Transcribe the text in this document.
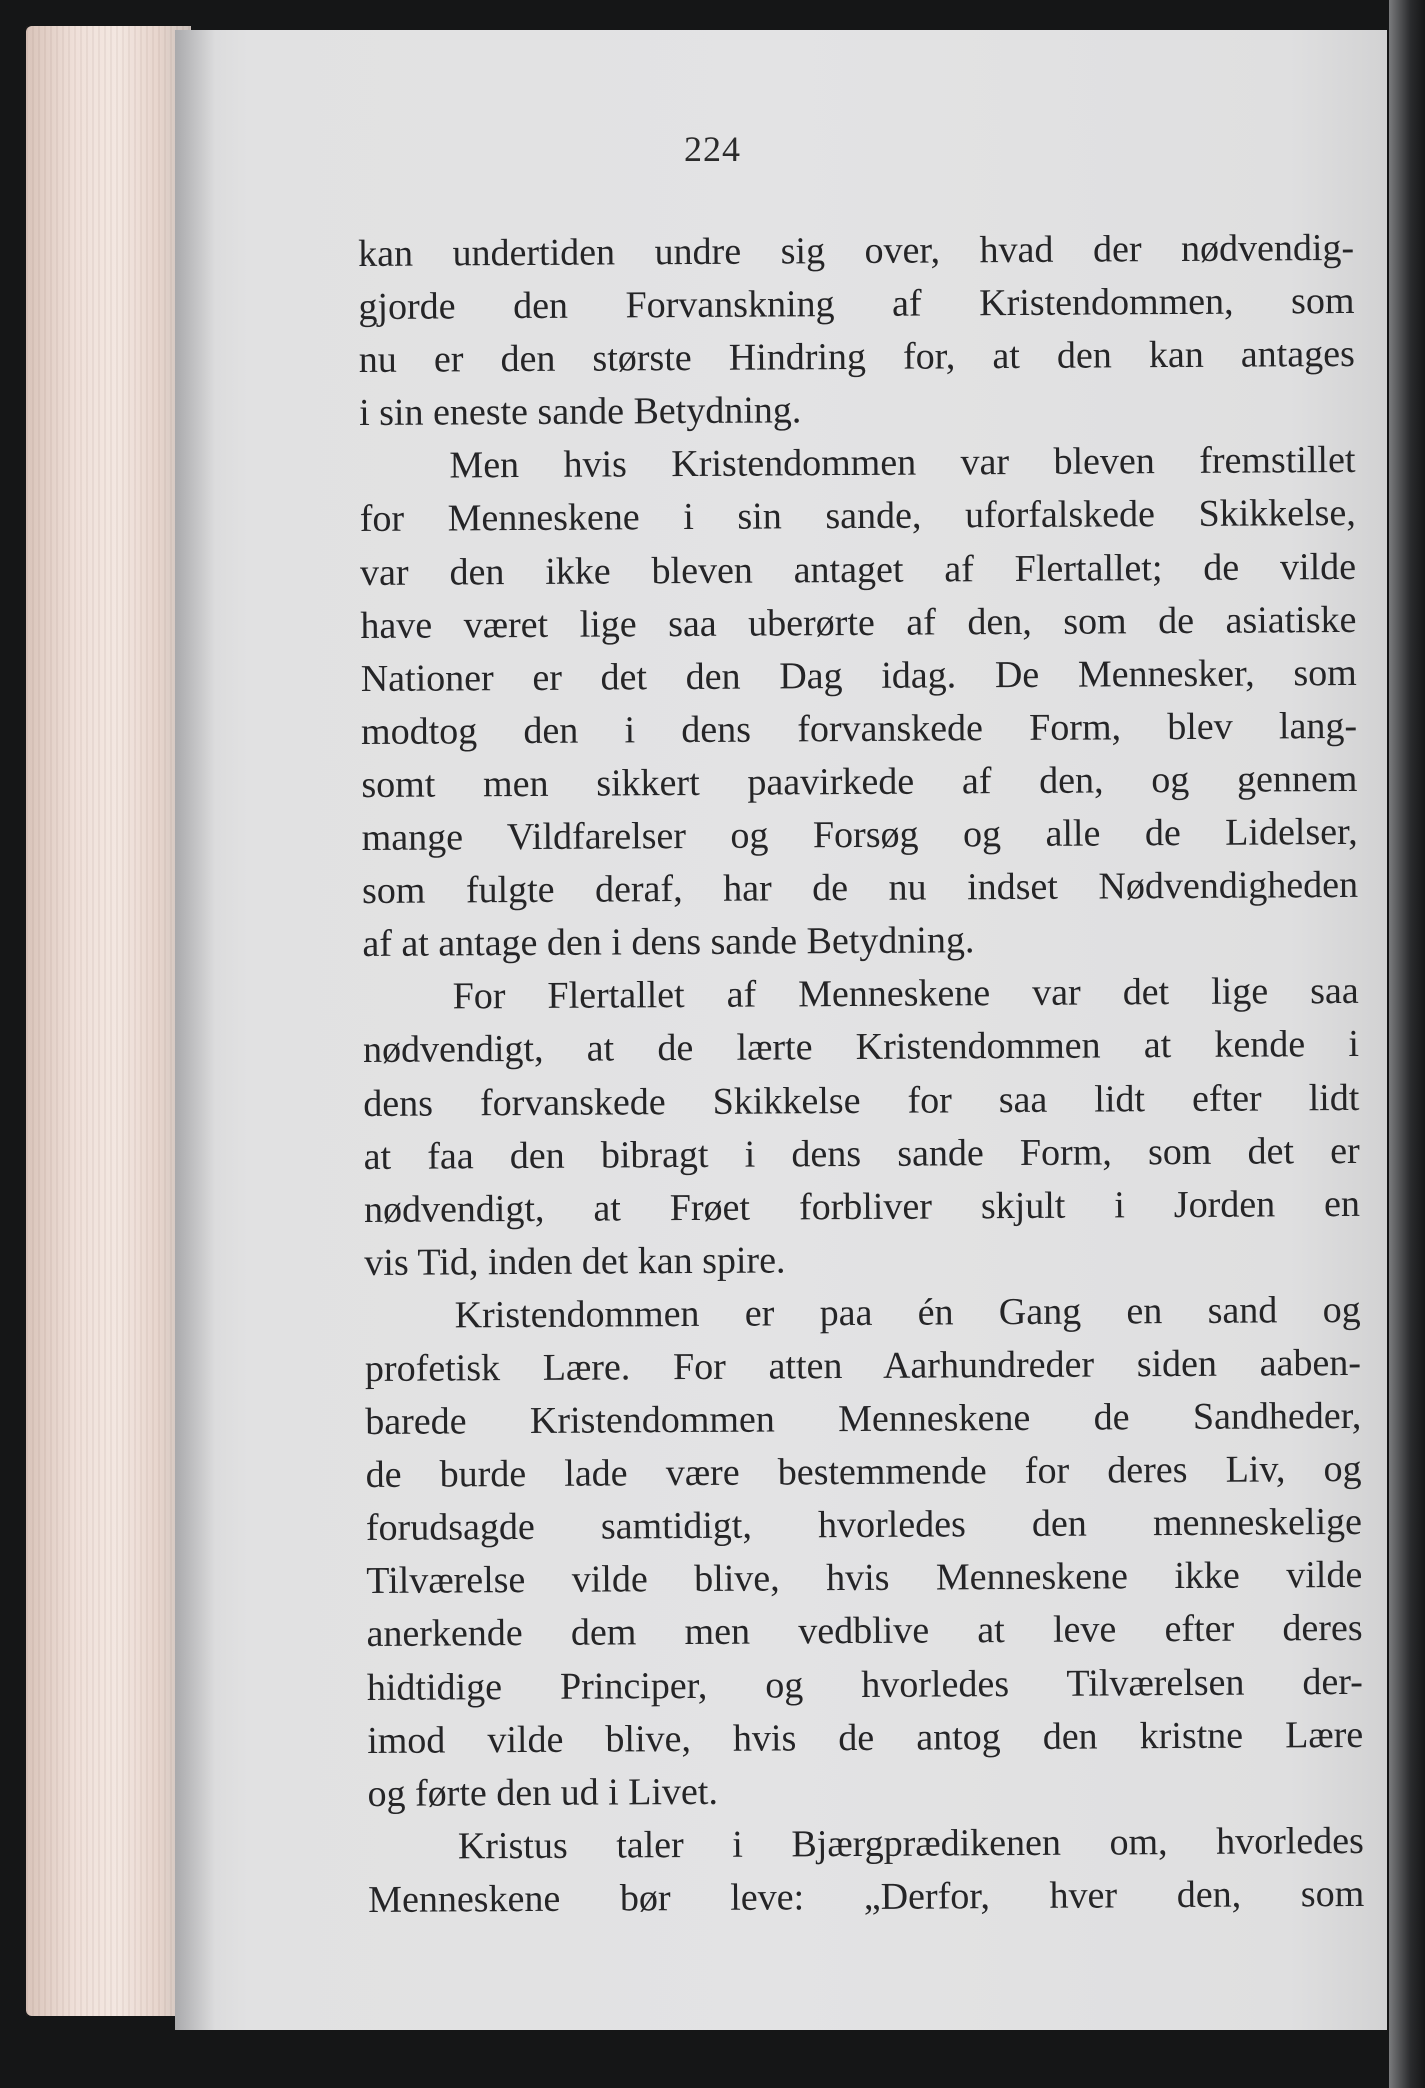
224
kan undertiden undre sig over, hvad der nødvendig-
gjorde den Forvanskning af Kristendommen, som
nu er den største Hindring for, at den kan antages
i sin eneste sande Betydning.
Men hvis Kristendommen var bleven fremstillet
for Menneskene i sin sande, uforfalskede Skikkelse,
var den ikke bleven antaget af Flertallet; de vilde
have været lige saa uberørte af den, som de asiatiske
Nationer er det den Dag idag. De Mennesker, som
modtog den i dens forvanskede Form, blev lang-
somt men sikkert paavirkede af den, og gennem
mange Vildfarelser og Forsøg og alle de Lidelser,
som fulgte deraf, har de nu indset Nødvendigheden
af at antage den i dens sande Betydning.
For Flertallet af Menneskene var det lige saa
nødvendigt, at de lærte Kristendommen at kende i
dens forvanskede Skikkelse for saa lidt efter lidt
at faa den bibragt i dens sande Form, som det er
nødvendigt, at Frøet forbliver skjult i Jorden en
vis Tid, inden det kan spire.
Kristendommen er paa én Gang en sand og
profetisk Lære. For atten Aarhundreder siden aaben-
barede Kristendommen Menneskene de Sandheder,
de burde lade være bestemmende for deres Liv, og
forudsagde samtidigt, hvorledes den menneskelige
Tilværelse vilde blive, hvis Menneskene ikke vilde
anerkende dem men vedblive at leve efter deres
hidtidige Principer, og hvorledes Tilværelsen der-
imod vilde blive, hvis de antog den kristne Lære
og førte den ud i Livet.
Kristus taler i Bjærgprædikenen om, hvorledes
Menneskene bør leve: „Derfor, hver den, som
